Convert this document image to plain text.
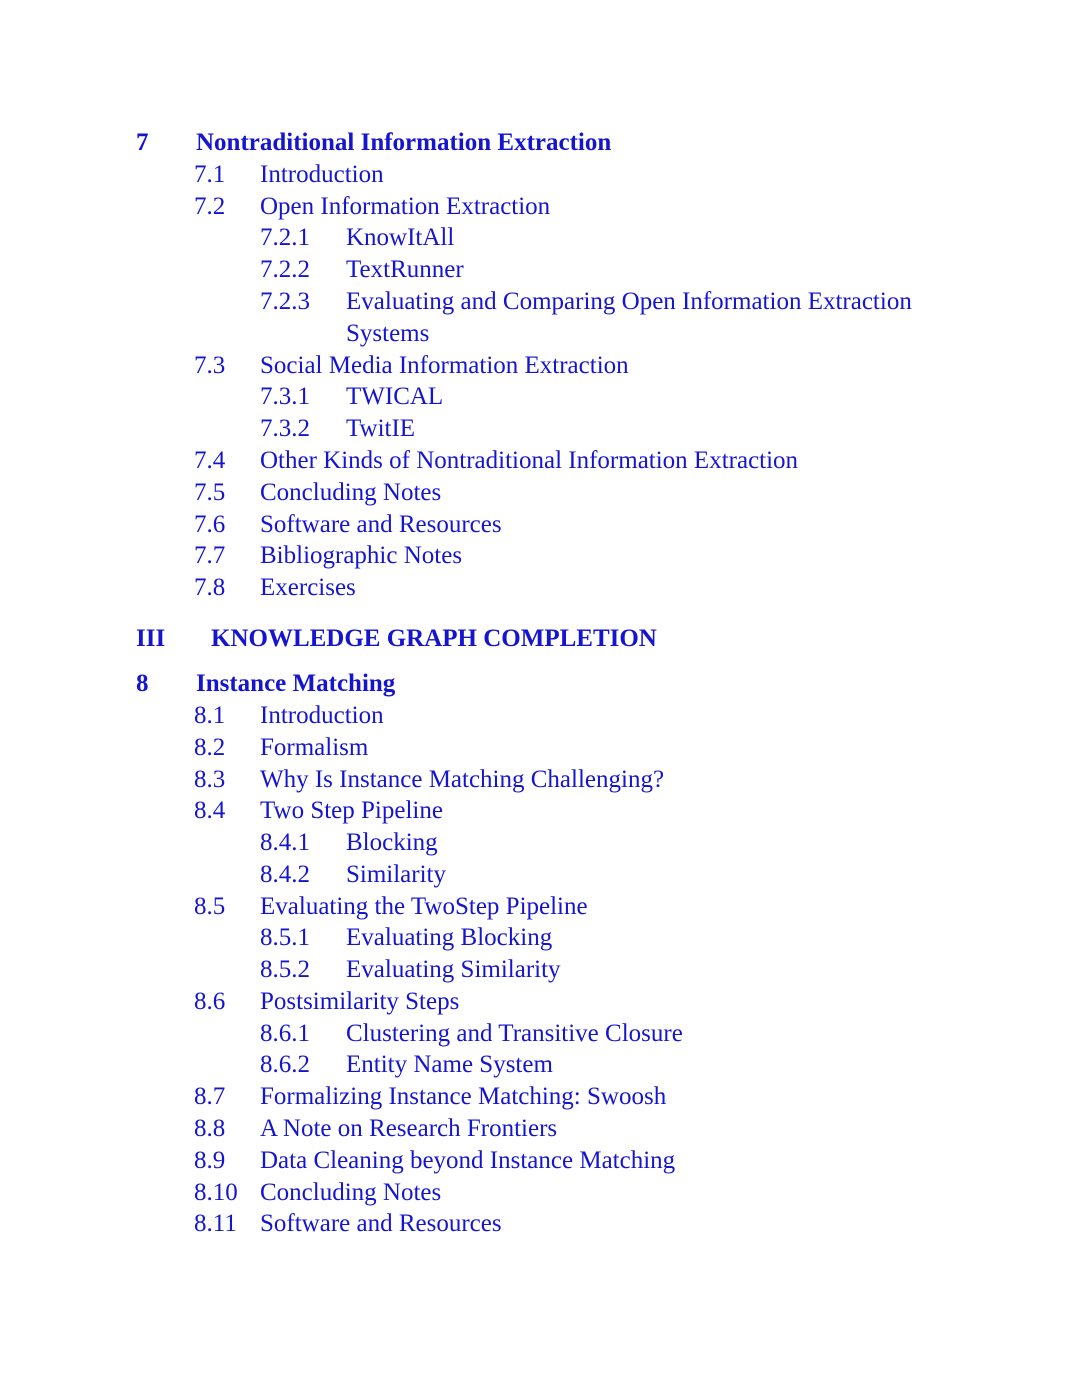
7 Nontraditional Information Extraction
7.1 Introduction
7.2 Open Information Extraction
7.2.1 KnowItAll
7.2.2 TextRunner
7.2.3 Evaluating and Comparing Open Information Extraction
Systems
7.3 Social Media Information Extraction
7.3.1 TWICAL
7.3.2 TwitIE
7.4 Other Kinds of Nontraditional Information Extraction
7.5 Concluding Notes
7.6 Software and Resources
7.7 Bibliographic Notes
7.8 Exercises
III KNOWLEDGE GRAPH COMPLETION
8 Instance Matching
8.1 Introduction
8.2 Formalism
8.3 Why Is Instance Matching Challenging?
8.4 Two Step Pipeline
8.4.1 Blocking
8.4.2 Similarity
8.5 Evaluating the TwoStep Pipeline
8.5.1 Evaluating Blocking
8.5.2 Evaluating Similarity
8.6 Postsimilarity Steps
8.6.1 Clustering and Transitive Closure
8.6.2 Entity Name System
8.7 Formalizing Instance Matching: Swoosh
8.8 A Note on Research Frontiers
8.9 Data Cleaning beyond Instance Matching
8.10 Concluding Notes
8.11 Software and Resources
